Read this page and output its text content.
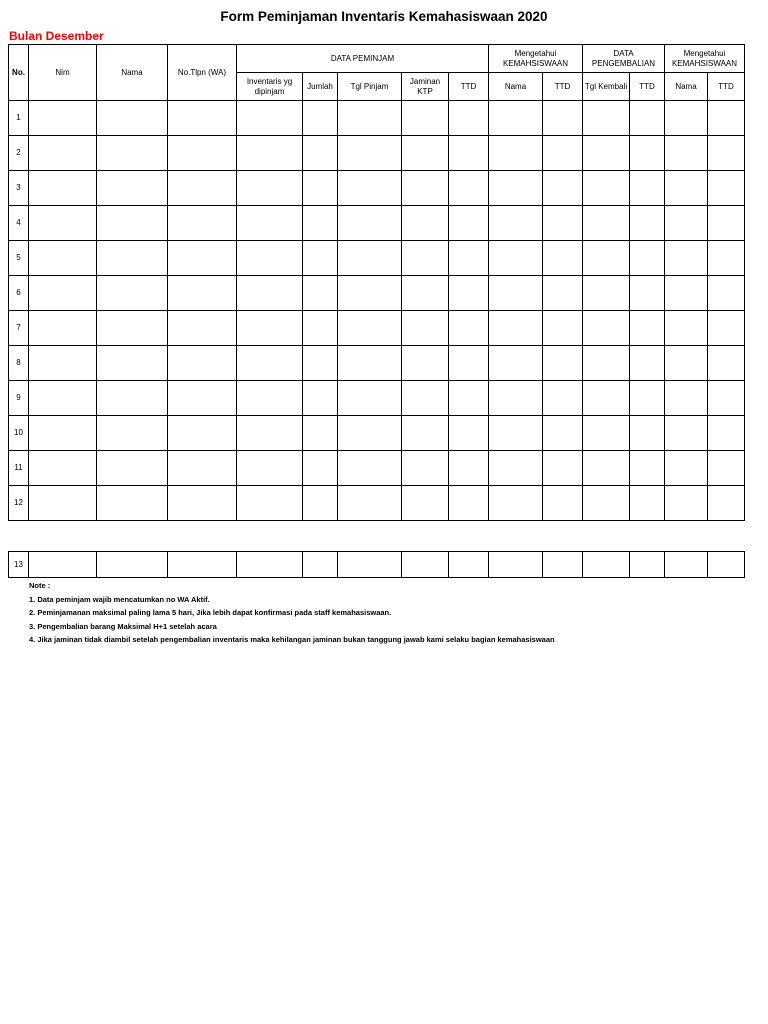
Form Peminjaman Inventaris Kemahasiswaan 2020
Bulan Desember
No.	Nim	Nama	No.Tlpn (WA)	DATA PEMINJAM					Mengetahui KEMAHSISWAAN		DATA PENGEMBALIAN		Mengetahui KEMAHSISWAAN	
				Inventaris yg dipinjam	Jumlah	Tgl Pinjam	Jaminan KTP	TTD	Nama	TTD	Tgl Kembali	TTD	Nama	TTD
1														
2														
3														
4														
5														
6														
7														
8														
9														
10														
11														
12														
13														
Note :
1. Data peminjam wajib mencatumkan no WA Aktif.
2. Peminjamanan maksimal paling lama 5 hari, Jika lebih dapat konfirmasi pada staff kemahasiswaan.
3. Pengembalian barang Maksimal H+1 setelah acara
4. Jika jaminan tidak diambil setelah pengembalian inventaris maka kehilangan jaminan bukan tanggung jawab kami selaku bagian kemahasiswaan
